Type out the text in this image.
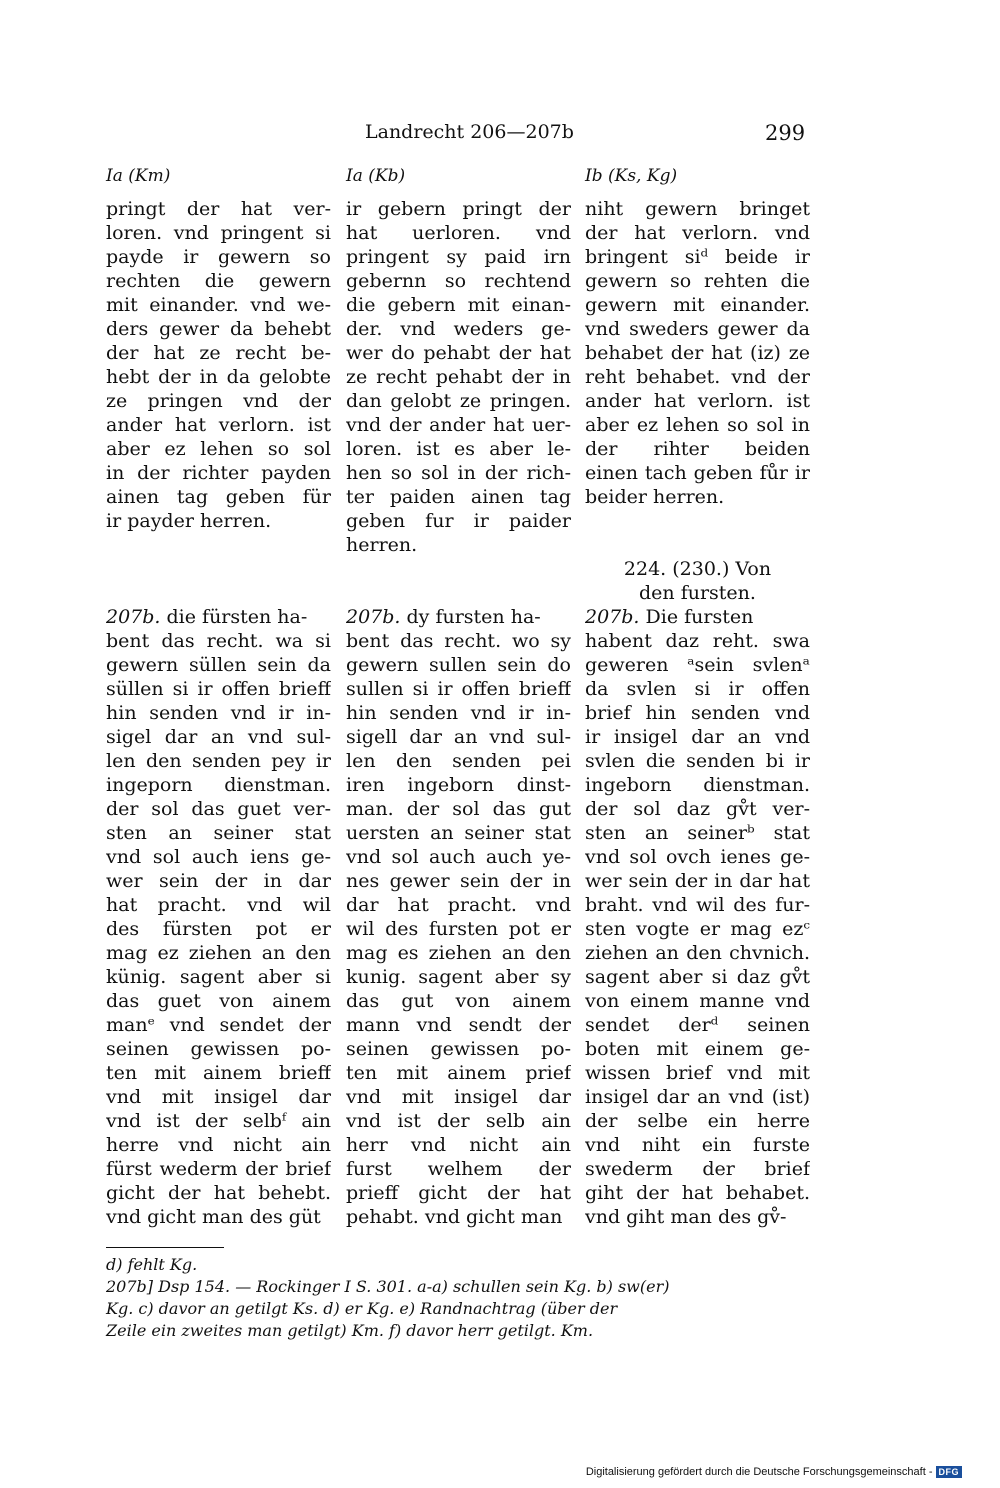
Landrecht 206—207b	299
Ia (Km)	Ia (Kb)	Ib (Ks, Kg)
pringt der hat ver-
loren. vnd pringent si
payde ir gewern so
rechten die gewern
mit einander. vnd we-
ders gewer da behebt
der hat ze recht be-
hebt der in da gelobte
ze pringen vnd der
ander hat verlorn. ist
aber ez lehen so sol
in der richter payden
ainen tag geben für
ir payder herren.
ir gebern pringt der
hat uerloren. vnd
pringent sy paid irn
gebernn so rechtend
die gebern mit einan-
der. vnd weders ge-
wer do pehabt der hat
ze recht pehabt der in
dan gelobt ze pringen.
vnd der ander hat uer-
loren. ist es aber le-
hen so sol in der rich-
ter paiden ainen tag
geben fur ir paider
herren.
niht gewern bringet
der hat verlorn. vnd
bringent siᵈ beide ir
gewern so rehten die
gewern mit einander.
vnd sweders gewer da
behabet der hat (iz) ze
reht behabet. vnd der
ander hat verlorn. ist
aber ez lehen so sol in
der rihter beiden
einen tach geben fůr ir
beider herren.
224. (230.) Von
den fursten.
207b. die fürsten ha-
bent das recht. wa si
gewern süllen sein da
süllen si ir offen brieff
hin senden vnd ir in-
sigel dar an vnd sul-
len den senden pey ir
ingeporn dienstman.
der sol das guet ver-
sten an seiner stat
vnd sol auch iens ge-
wer sein der in dar
hat pracht. vnd wil
des fürsten pot er
mag ez ziehen an den
künig. sagent aber si
das guet von ainem
manᵉ vnd sendet der
seinen gewissen po-
ten mit ainem brieff
vnd mit insigel dar
vnd ist der selbᶠ ain
herre vnd nicht ain
fürst wederm der brief
gicht der hat behebt.
vnd gicht man des güt
207b. dy fursten ha-
bent das recht. wo sy
gewern sullen sein do
sullen si ir offen brieff
hin senden vnd ir in-
sigell dar an vnd sul-
len den senden pei
iren ingeborn dinst-
man. der sol das gut
uersten an seiner stat
vnd sol auch auch ye-
nes gewer sein der in
dar hat pracht. vnd
wil des fursten pot er
mag es ziehen an den
kunig. sagent aber sy
das gut von ainem
mann vnd sendt der
seinen gewissen po-
ten mit ainem prief
vnd mit insigel dar
vnd ist der selb ain
herr vnd nicht ain
furst welhem der
prieff gicht der hat
pehabt. vnd gicht man
207b. Die fursten
habent daz reht. swa
geweren ᵃsein svlenᵃ
da svlen si ir offen
brief hin senden vnd
ir insigel dar an vnd
svlen die senden bi ir
ingeborn dienstman.
der sol daz gv̊t ver-
sten an seinerᵇ stat
vnd sol ovch ienes ge-
wer sein der in dar hat
braht. vnd wil des fur-
sten vogte er mag ezᶜ
ziehen an den chvnich.
sagent aber si daz gv̊t
von einem manne vnd
sendet derᵈ seinen
boten mit einem ge-
wissen brief vnd mit
insigel dar an vnd (ist)
der selbe ein herre
vnd niht ein furste
swederm der brief
giht der hat behabet.
vnd giht man des gv̊-
d) fehlt Kg.
207b] Dsp 154. — Rockinger I S. 301. a-a) schullen sein Kg. b) sw(er)
Kg. c) davor an getilgt Ks. d) er Kg. e) Randnachtrag (über der
Zeile ein zweites man getilgt) Km. f) davor herr getilgt. Km.
Digitalisierung gefördert durch die Deutsche Forschungsgemeinschaft - DFG
